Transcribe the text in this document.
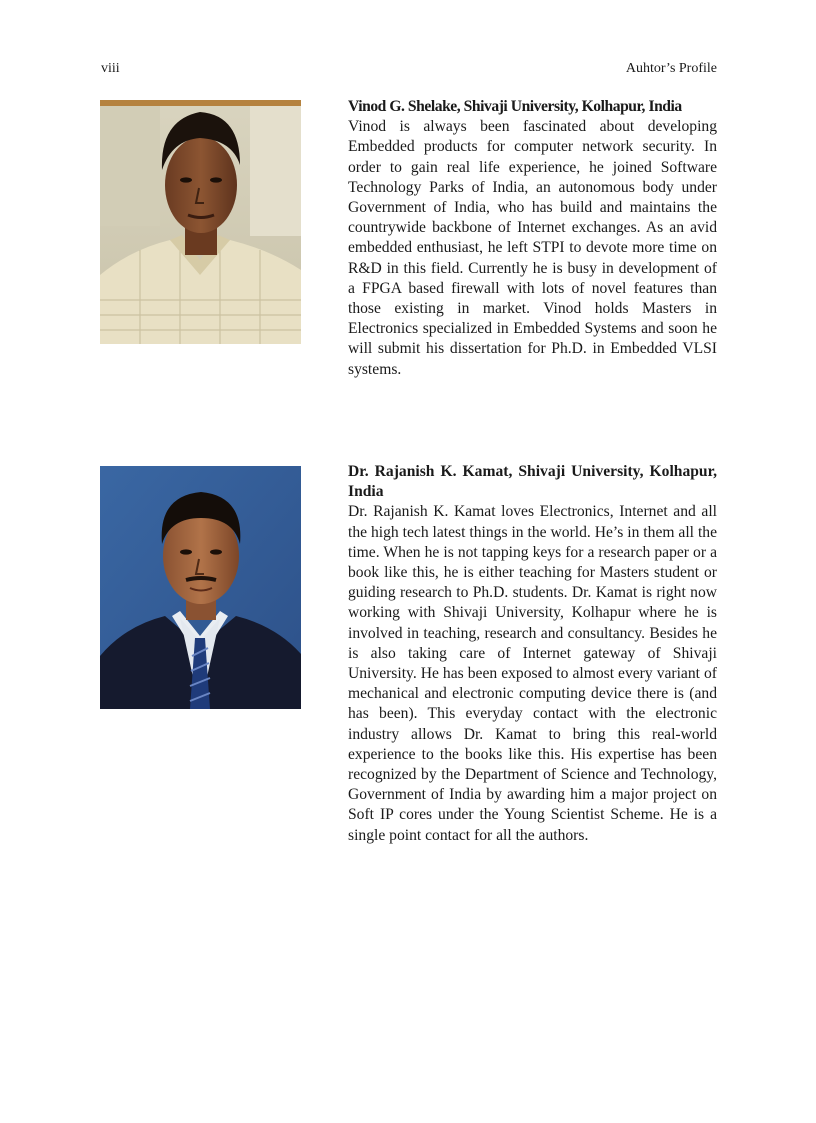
viii	Auhtor’s Profile
Vinod G. Shelake, Shivaji University, Kolhapur, India
Vinod is always been fascinated about developing Embedded products for computer network security. In order to gain real life experience, he joined Software Technology Parks of India, an autonomous body under Government of India, who has build and maintains the countrywide backbone of Internet exchanges. As an avid embedded enthusiast, he left STPI to devote more time on R&D in this field. Currently he is busy in development of a FPGA based firewall with lots of novel features than those existing in market. Vinod holds Masters in Electronics specialized in Embedded Systems and soon he will submit his dissertation for Ph.D. in Embedded VLSI systems.
Dr. Rajanish K. Kamat, Shivaji University, Kolhapur, India
Dr. Rajanish K. Kamat loves Electronics, Internet and all the high tech latest things in the world. He’s in them all the time. When he is not tapping keys for a research paper or a book like this, he is either teaching for Masters student or guiding research to Ph.D. students. Dr. Kamat is right now working with Shivaji University, Kolhapur where he is involved in teaching, research and consultancy. Besides he is also taking care of Internet gateway of Shivaji University. He has been exposed to almost every variant of mechanical and electronic computing device there is (and has been). This everyday contact with the electronic industry allows Dr. Kamat to bring this real-world experience to the books like this. His expertise has been recognized by the Department of Science and Technology, Government of India by awarding him a major project on Soft IP cores under the Young Scientist Scheme. He is a single point contact for all the authors.
